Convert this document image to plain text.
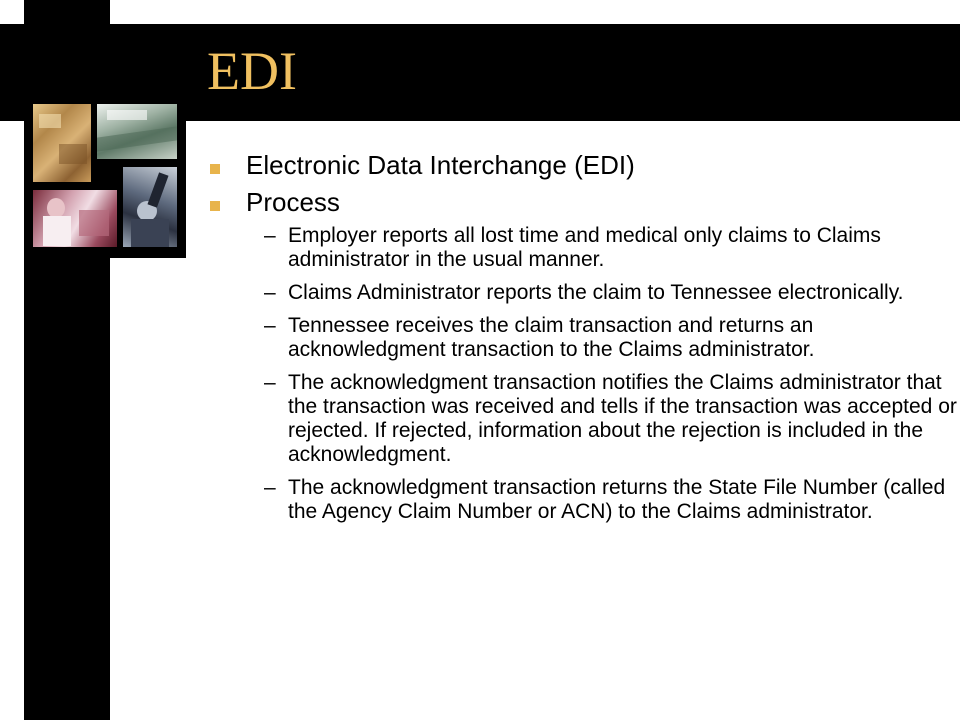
EDI
Electronic Data Interchange (EDI)
Process
– Employer reports all lost time and medical only claims to Claims administrator in the usual manner.
– Claims Administrator reports the claim to Tennessee electronically.
– Tennessee receives the claim transaction and returns an acknowledgment transaction to the Claims administrator.
– The acknowledgment transaction notifies the Claims administrator that the transaction was received and tells if the transaction was accepted or rejected. If rejected, information about the rejection is included in the acknowledgment.
– The acknowledgment transaction returns the State File Number (called the Agency Claim Number or ACN) to the Claims administrator.
